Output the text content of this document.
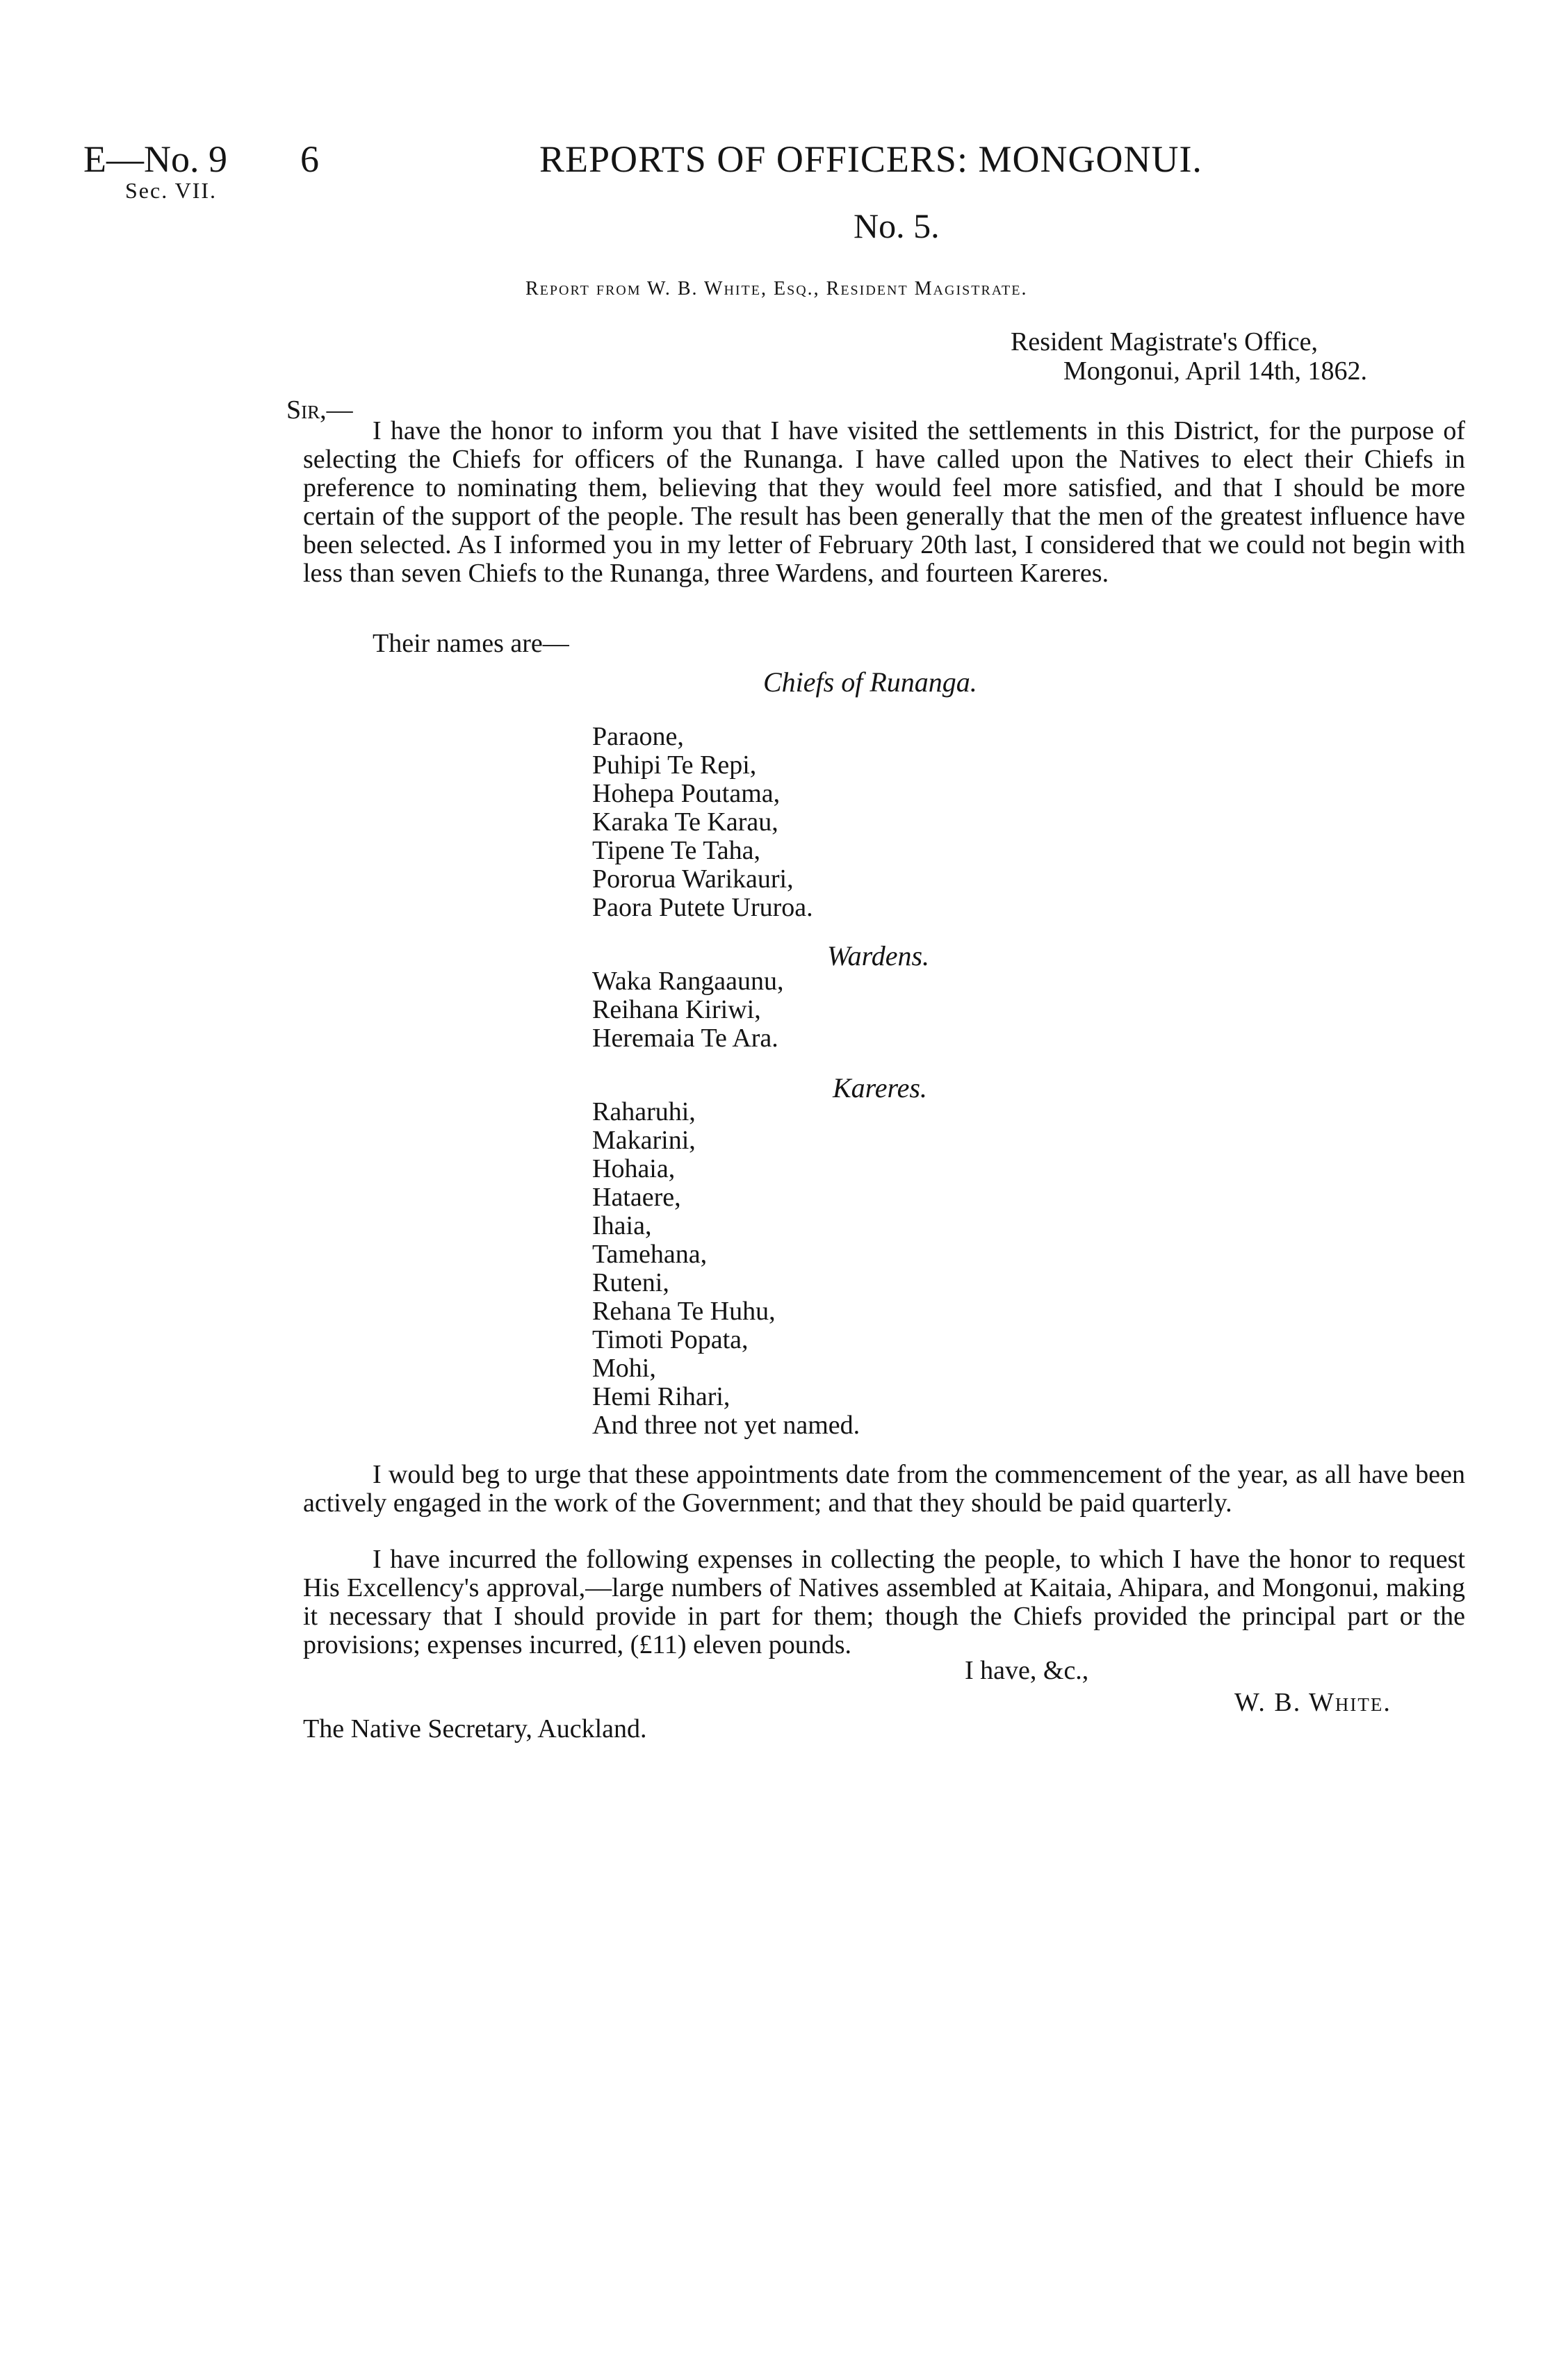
E—No. 9
Sec. VII.
6	REPORTS OF OFFICERS: MONGONUI.
No. 5.
Report from W. B. White, Esq., Resident Magistrate.
Resident Magistrate's Office,
Mongonui, April 14th, 1862.
Sir,—

I have the honor to inform you that I have visited the settlements in this District, for the purpose of selecting the Chiefs for officers of the Runanga. I have called upon the Natives to elect their Chiefs in preference to nominating them, believing that they would feel more satisfied, and that I should be more certain of the support of the people. The result has been generally that the men of the greatest influence have been selected. As I informed you in my letter of February 20th last, I considered that we could not begin with less than seven Chiefs to the Runanga, three Wardens, and fourteen Kareres.

Their names are—
Chiefs of Runanga.
Paraone,
Puhipi Te Repi,
Hohepa Poutama,
Karaka Te Karau,
Tipene Te Taha,
Pororua Warikauri,
Paora Putete Ururoa.
Wardens.
Waka Rangaaunu,
Reihana Kiriwi,
Heremaia Te Ara.
Kareres.
Raharuhi,
Makarini,
Hohaia,
Hataere,
Ihaia,
Tamehana,
Ruteni,
Rehana Te Huhu,
Timoti Popata,
Mohi,
Hemi Rihari,
And three not yet named.

I would beg to urge that these appointments date from the commencement of the year, as all have been actively engaged in the work of the Government; and that they should be paid quarterly.

I have incurred the following expenses in collecting the people, to which I have the honor to request His Excellency's approval,—large numbers of Natives assembled at Kaitaia, Ahipara, and Mongonui, making it necessary that I should provide in part for them; though the Chiefs provided the principal part or the provisions; expenses incurred, (£11) eleven pounds.

I have, &c.,
W. B. White.
The Native Secretary, Auckland.
